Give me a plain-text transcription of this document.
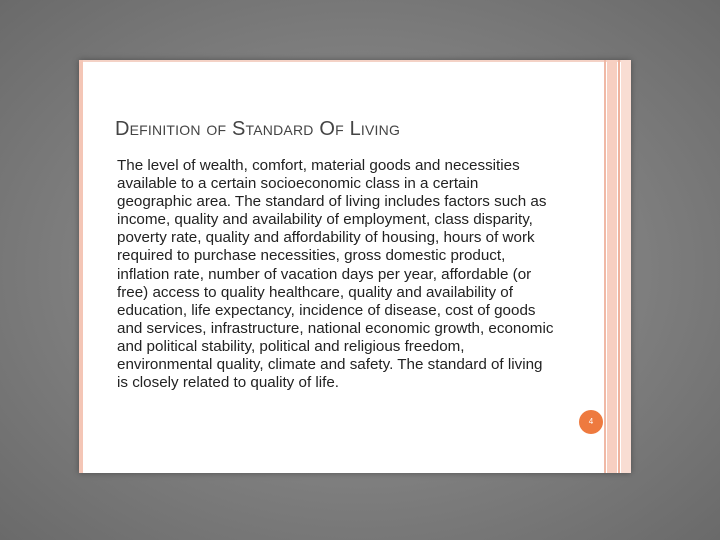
Definition of Standard Of Living

The level of wealth, comfort, material goods and necessities available to a certain socioeconomic class in a certain geographic area. The standard of living includes factors such as income, quality and availability of employment, class disparity, poverty rate, quality and affordability of housing, hours of work required to purchase necessities, gross domestic product, inflation rate, number of vacation days per year, affordable (or free) access to quality healthcare, quality and availability of education, life expectancy, incidence of disease, cost of goods and services, infrastructure, national economic growth, economic and political stability, political and religious freedom, environmental quality, climate and safety. The standard of living is closely related to quality of life.

4
